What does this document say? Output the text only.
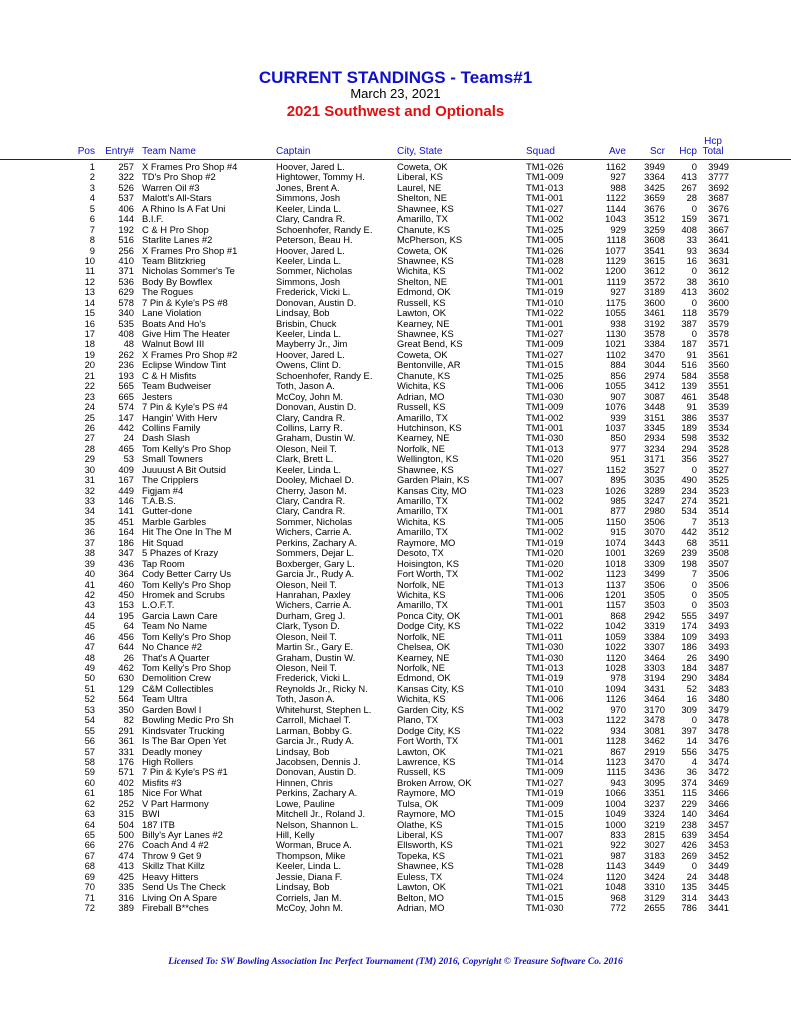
CURRENT STANDINGS - Teams#1
March 23, 2021
2021 Southwest and Optionals
Pos	Entry# Team Name	Captain	City, State	Squad	Ave	Scr	Hcp
Hcp
Total
1	257 X Frames Pro Shop #4	Hoover, Jared L.	Coweta, OK	TM1-026	1162	3949	0	3949
2	322 TD's Pro Shop #2	Hightower, Tommy H.	Liberal, KS	TM1-009	927	3364	413	3777
3	526 Warren Oil #3	Jones, Brent A.	Laurel, NE	TM1-013	988	3425	267	3692
4	537 Malott's All-Stars	Simmons, Josh	Shelton, NE	TM1-001	1122	3659	28	3687
5	406 A Rhino Is A Fat Uni	Keeler, Linda L.	Shawnee, KS	TM1-027	1144	3676	0	3676
6	144 B.I.F.	Clary, Candra R.	Amarillo, TX	TM1-002	1043	3512	159	3671
7	192 C & H Pro Shop	Schoenhofer, Randy E.	Chanute, KS	TM1-025	929	3259	408	3667
8	516 Starlite Lanes #2	Peterson, Beau H.	McPherson, KS	TM1-005	1118	3608	33	3641
9	256 X Frames Pro Shop #1	Hoover, Jared L.	Coweta, OK	TM1-026	1077	3541	93	3634
10	410 Team Blitzkrieg	Keeler, Linda L.	Shawnee, KS	TM1-028	1129	3615	16	3631
11	371 Nicholas Sommer's Te	Sommer, Nicholas	Wichita, KS	TM1-002	1200	3612	0	3612
12	536 Body By Bowflex	Simmons, Josh	Shelton, NE	TM1-001	1119	3572	38	3610
13	629 The Rogues	Frederick, Vicki L.	Edmond, OK	TM1-019	927	3189	413	3602
14	578 7 Pin & Kyle's PS #8	Donovan, Austin D.	Russell, KS	TM1-010	1175	3600	0	3600
15	340 Lane Violation	Lindsay, Bob	Lawton, OK	TM1-022	1055	3461	118	3579
16	535 Boats And Ho's	Brisbin, Chuck	Kearney, NE	TM1-001	938	3192	387	3579
17	408 Give Him The Heater	Keeler, Linda L.	Shawnee, KS	TM1-027	1130	3578	0	3578
18	48 Walnut Bowl III	Mayberry Jr., Jim	Great Bend, KS	TM1-009	1021	3384	187	3571
19	262 X Frames Pro Shop #2	Hoover, Jared L.	Coweta, OK	TM1-027	1102	3470	91	3561
20	236 Eclipse Window Tint	Owens, Clint D.	Bentonville, AR	TM1-015	884	3044	516	3560
21	193 C & H Misfits	Schoenhofer, Randy E.	Chanute, KS	TM1-025	856	2974	584	3558
22	565 Team Budweiser	Toth, Jason A.	Wichita, KS	TM1-006	1055	3412	139	3551
23	665 Jesters	McCoy, John M.	Adrian, MO	TM1-030	907	3087	461	3548
24	574 7 Pin & Kyle's PS #4	Donovan, Austin D.	Russell, KS	TM1-009	1076	3448	91	3539
25	147 Hangin' With Herv	Clary, Candra R.	Amarillo, TX	TM1-002	939	3151	386	3537
26	442 Collins Family	Collins, Larry R.	Hutchinson, KS	TM1-001	1037	3345	189	3534
27	24 Dash Slash	Graham, Dustin W.	Kearney, NE	TM1-030	850	2934	598	3532
28	465 Tom Kelly's Pro Shop	Oleson, Neil T.	Norfolk, NE	TM1-013	977	3234	294	3528
29	53 Small Towners	Clark, Brett L.	Wellington, KS	TM1-020	951	3171	356	3527
30	409 Juuuust A Bit Outsid	Keeler, Linda L.	Shawnee, KS	TM1-027	1152	3527	0	3527
31	167 The Cripplers	Dooley, Michael D.	Garden Plain, KS	TM1-007	895	3035	490	3525
32	449 Figjam #4	Cherry, Jason M.	Kansas City, MO	TM1-023	1026	3289	234	3523
33	146 T.A.B.S.	Clary, Candra R.	Amarillo, TX	TM1-002	985	3247	274	3521
34	141 Gutter-done	Clary, Candra R.	Amarillo, TX	TM1-001	877	2980	534	3514
35	451 Marble Garbles	Sommer, Nicholas	Wichita, KS	TM1-005	1150	3506	7	3513
36	164 Hit The One In The M	Wichers, Carrie A.	Amarillo, TX	TM1-002	915	3070	442	3512
37	186 Hit Squad	Perkins, Zachary A.	Raymore, MO	TM1-019	1074	3443	68	3511
38	347 5 Phazes of Krazy	Sommers, Dejar L.	Desoto, TX	TM1-020	1001	3269	239	3508
39	436 Tap Room	Boxberger, Gary L.	Hoisington, KS	TM1-020	1018	3309	198	3507
40	364 Cody Better Carry Us	Garcia Jr., Rudy A.	Fort Worth, TX	TM1-002	1123	3499	7	3506
41	460 Tom Kelly's Pro Shop	Oleson, Neil T.	Norfolk, NE	TM1-013	1137	3506	0	3506
42	450 Hromek and Scrubs	Hanrahan, Paxley	Wichita, KS	TM1-006	1201	3505	0	3505
43	153 L.O.F.T.	Wichers, Carrie A.	Amarillo, TX	TM1-001	1157	3503	0	3503
44	195 Garcia Lawn Care	Durham, Greg J.	Ponca City, OK	TM1-001	868	2942	555	3497
45	64 Team No Name	Clark, Tyson D.	Dodge City, KS	TM1-022	1042	3319	174	3493
46	456 Tom Kelly's Pro Shop	Oleson, Neil T.	Norfolk, NE	TM1-011	1059	3384	109	3493
47	644 No Chance #2	Martin Sr., Gary E.	Chelsea, OK	TM1-030	1022	3307	186	3493
48	26 That's A Quarter	Graham, Dustin W.	Kearney, NE	TM1-030	1120	3464	26	3490
49	462 Tom Kelly's Pro Shop	Oleson, Neil T.	Norfolk, NE	TM1-013	1028	3303	184	3487
50	630 Demolition Crew	Frederick, Vicki L.	Edmond, OK	TM1-019	978	3194	290	3484
51	129 C&M Collectibles	Reynolds Jr., Ricky N.	Kansas City, KS	TM1-010	1094	3431	52	3483
52	564 Team Ultra	Toth, Jason A.	Wichita, KS	TM1-006	1126	3464	16	3480
53	350 Garden Bowl I	Whitehurst, Stephen L.	Garden City, KS	TM1-002	970	3170	309	3479
54	82 Bowling Medic Pro Sh	Carroll, Michael T.	Plano, TX	TM1-003	1122	3478	0	3478
55	291 Kindsvater Trucking	Larman, Bobby G.	Dodge City, KS	TM1-022	934	3081	397	3478
56	361 Is The Bar Open Yet	Garcia Jr., Rudy A.	Fort Worth, TX	TM1-001	1128	3462	14	3476
57	331 Deadly money	Lindsay, Bob	Lawton, OK	TM1-021	867	2919	556	3475
58	176 High Rollers	Jacobsen, Dennis J.	Lawrence, KS	TM1-014	1123	3470	4	3474
59	571 7 Pin & Kyle's PS #1	Donovan, Austin D.	Russell, KS	TM1-009	1115	3436	36	3472
60	402 Misfits #3	Hinnen, Chris	Broken Arrow, OK	TM1-027	943	3095	374	3469
61	185 Nice For What	Perkins, Zachary A.	Raymore, MO	TM1-019	1066	3351	115	3466
62	252 V Part Harmony	Lowe, Pauline	Tulsa, OK	TM1-009	1004	3237	229	3466
63	315 BWI	Mitchell Jr., Roland J.	Raymore, MO	TM1-015	1049	3324	140	3464
64	504 187 ITB	Nelson, Shannon L.	Olathe, KS	TM1-015	1000	3219	238	3457
65	500 Billy's Ayr Lanes #2	Hill, Kelly	Liberal, KS	TM1-007	833	2815	639	3454
66	276 Coach And 4 #2	Worman, Bruce A.	Ellsworth, KS	TM1-021	922	3027	426	3453
67	474 Throw 9 Get 9	Thompson, Mike	Topeka, KS	TM1-021	987	3183	269	3452
68	413 Skillz That Killz	Keeler, Linda L.	Shawnee, KS	TM1-028	1143	3449	0	3449
69	425 Heavy Hitters	Jessie, Diana F.	Euless, TX	TM1-024	1120	3424	24	3448
70	335 Send Us The Check	Lindsay, Bob	Lawton, OK	TM1-021	1048	3310	135	3445
71	316 Living On A Spare	Corriels, Jan M.	Belton, MO	TM1-015	968	3129	314	3443
72	389 Fireball B**ches	McCoy, John M.	Adrian, MO	TM1-030	772	2655	786	3441
Licensed To: SW Bowling Association Inc Perfect Tournament (TM) 2016, Copyright © Treasure Software Co. 2016
